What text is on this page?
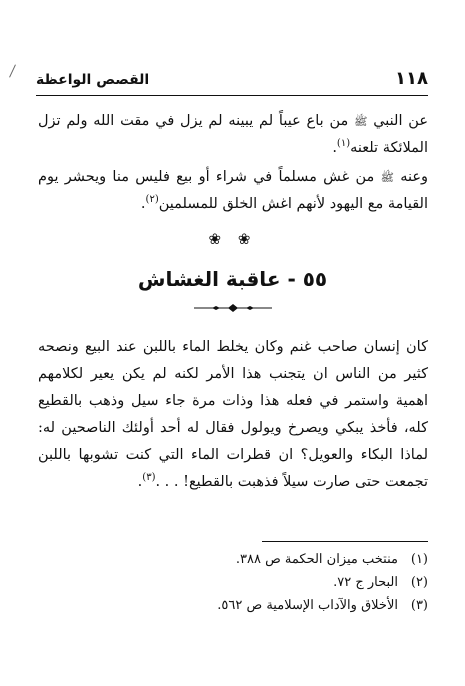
١١٨
القصص الواعظة

عن النبي ﷺ من باع عيباً لم يبينه لم يزل في مقت الله ولم تزل الملائكة تلعنه$^{(١)}$.

وعنه ﷺ من غش مسلماً في شراء أو بيع فليس منا ويحشر يوم القيامة مع اليهود لأنهم اغش الخلق للمسلمين$^{(٢)}$.

❀ ❀
٥٥ - عاقبة الغشاش

كان إنسان صاحب غنم وكان يخلط الماء باللبن عند البيع ونصحه كثير من الناس ان يتجنب هذا الأمر لكنه لم يكن يعير لكلامهم اهمية واستمر في فعله هذا وذات مرة جاء سيل وذهب بالقطيع كله، فأخذ يبكي ويصرخ ويولول فقال له أحد أولئك الناصحين له: لماذا البكاء والعويل؟ ان قطرات الماء التي كنت تشوبها باللبن تجمعت حتى صارت سيلاً فذهبت بالقطيع! . . .$^{(٣)}$.

(١)
منتخب ميزان الحكمة ص ٣٨٨.
(٢)
البحار ج ٧٢.
(٣)
الأخلاق والآداب الإسلامية ص ٥٦٢.
